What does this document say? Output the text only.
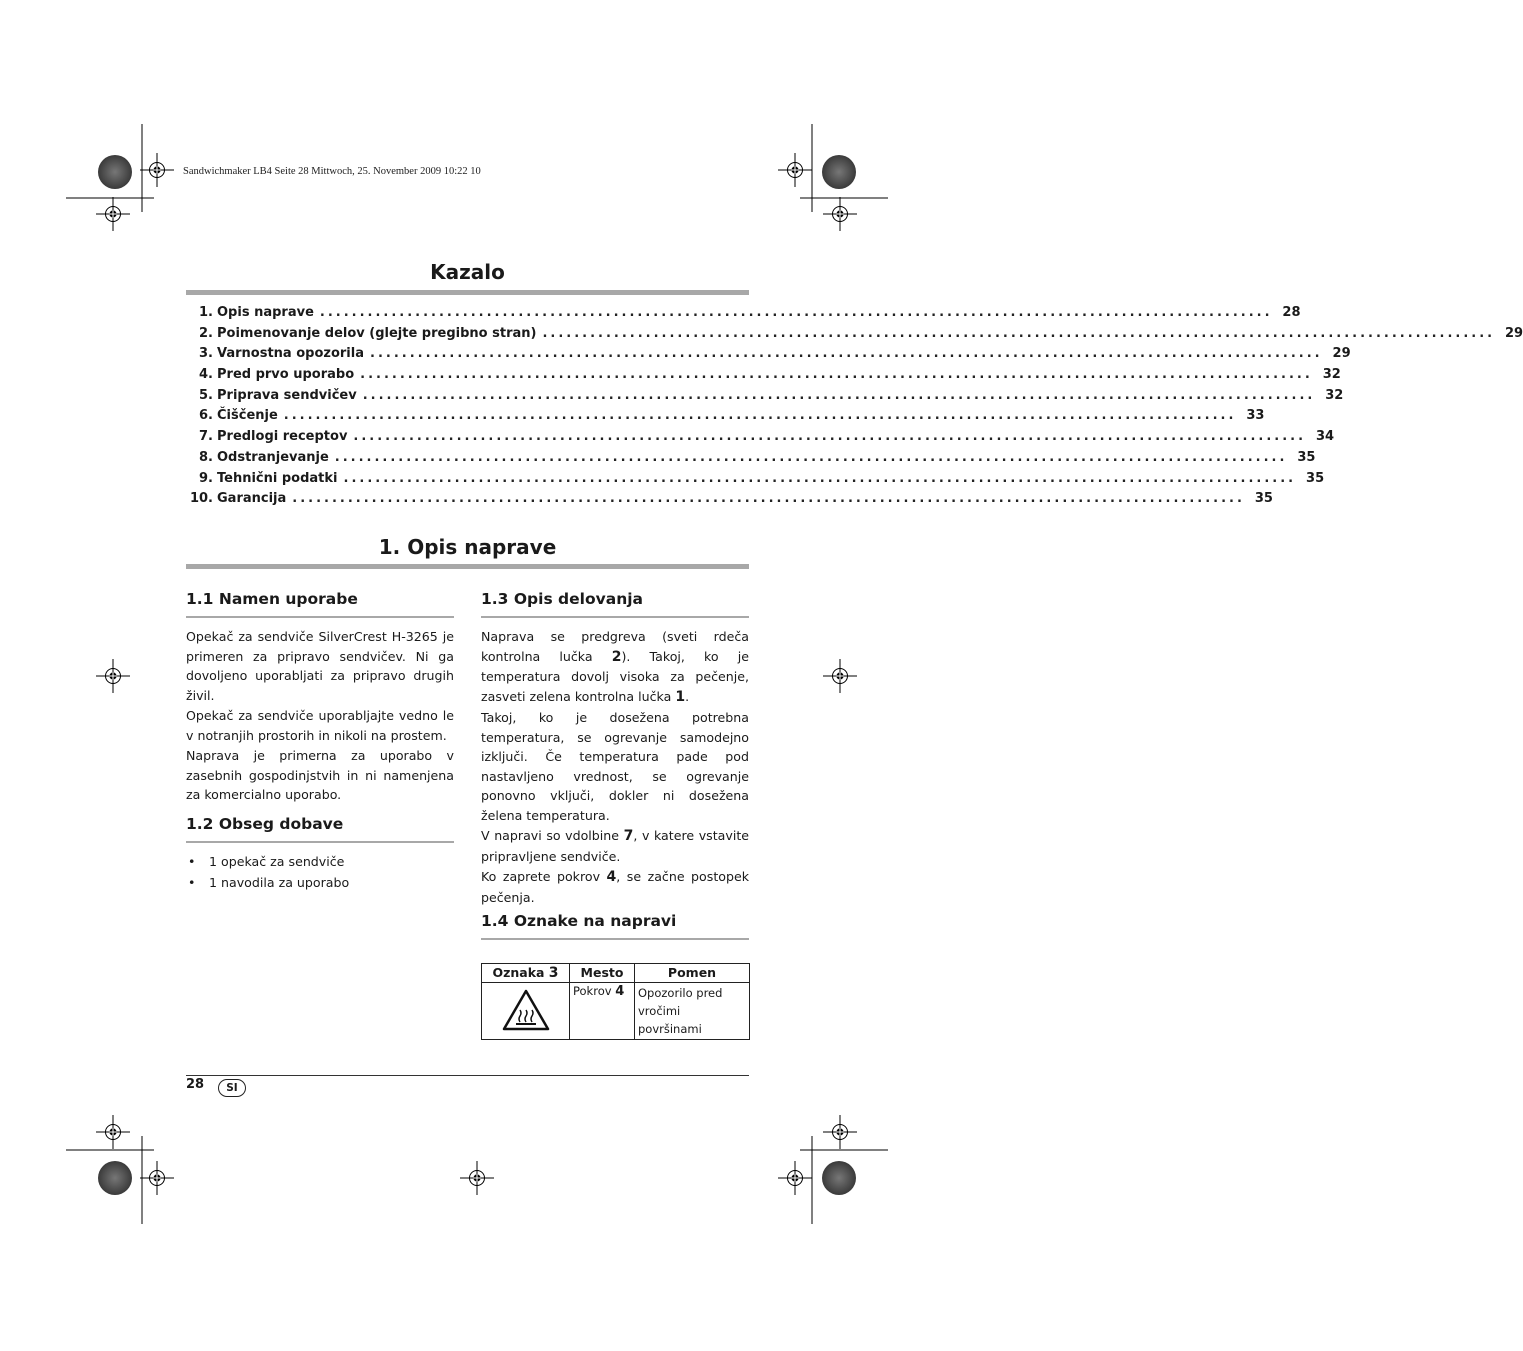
Sandwichmaker LB4 Seite 28 Mittwoch, 25. November 2009 10:22 10
Kazalo
1. Opis naprave ........................................................................................................................ 28
2. Poimenovanje delov (glejte pregibno stran) ........................................................................................................................ 29
3. Varnostna opozorila ........................................................................................................................ 29
4. Pred prvo uporabo ........................................................................................................................ 32
5. Priprava sendvičev ........................................................................................................................ 32
6. Čiščenje ........................................................................................................................ 33
7. Predlogi receptov ........................................................................................................................ 34
8. Odstranjevanje ........................................................................................................................ 35
9. Tehnični podatki ........................................................................................................................ 35
10. Garancija ........................................................................................................................ 35
1. Opis naprave
1.1 Namen uporabe

Opekač za sendviče SilverCrest H-3265 je primeren za pripravo sendvičev. Ni ga dovoljeno uporabljati za pripravo drugih živil.

Opekač za sendviče uporabljajte vedno le v notranjih prostorih in nikoli na prostem.

Naprava je primerna za uporabo v zasebnih gospodinjstvih in ni namenjena za komercialno uporabo.

1.2 Obseg dobave
• 1 opekač za sendviče
• 1 navodila za uporabo
1.3 Opis delovanja

Naprava se predgreva (sveti rdeča kontrolna lučka 2). Takoj, ko je temperatura dovolj visoka za pečenje, zasveti zelena kontrolna lučka 1.

Takoj, ko je dosežena potrebna temperatura, se ogrevanje samodejno izklјuči. Če temperatura pade pod nastavljeno vrednost, se ogrevanje ponovno vklјuči, dokler ni dosežena želena temperatura.

V napravi so vdolbine 7, v katere vstavite pripravljene sendviče.

Ko zaprete pokrov 4, se začne postopek pečenja.

1.4 Oznake na napravi
Oznaka 3	Mesto	Pomen
	Pokrov 4	Opozorilo pred vročimi površinami
28	SI
